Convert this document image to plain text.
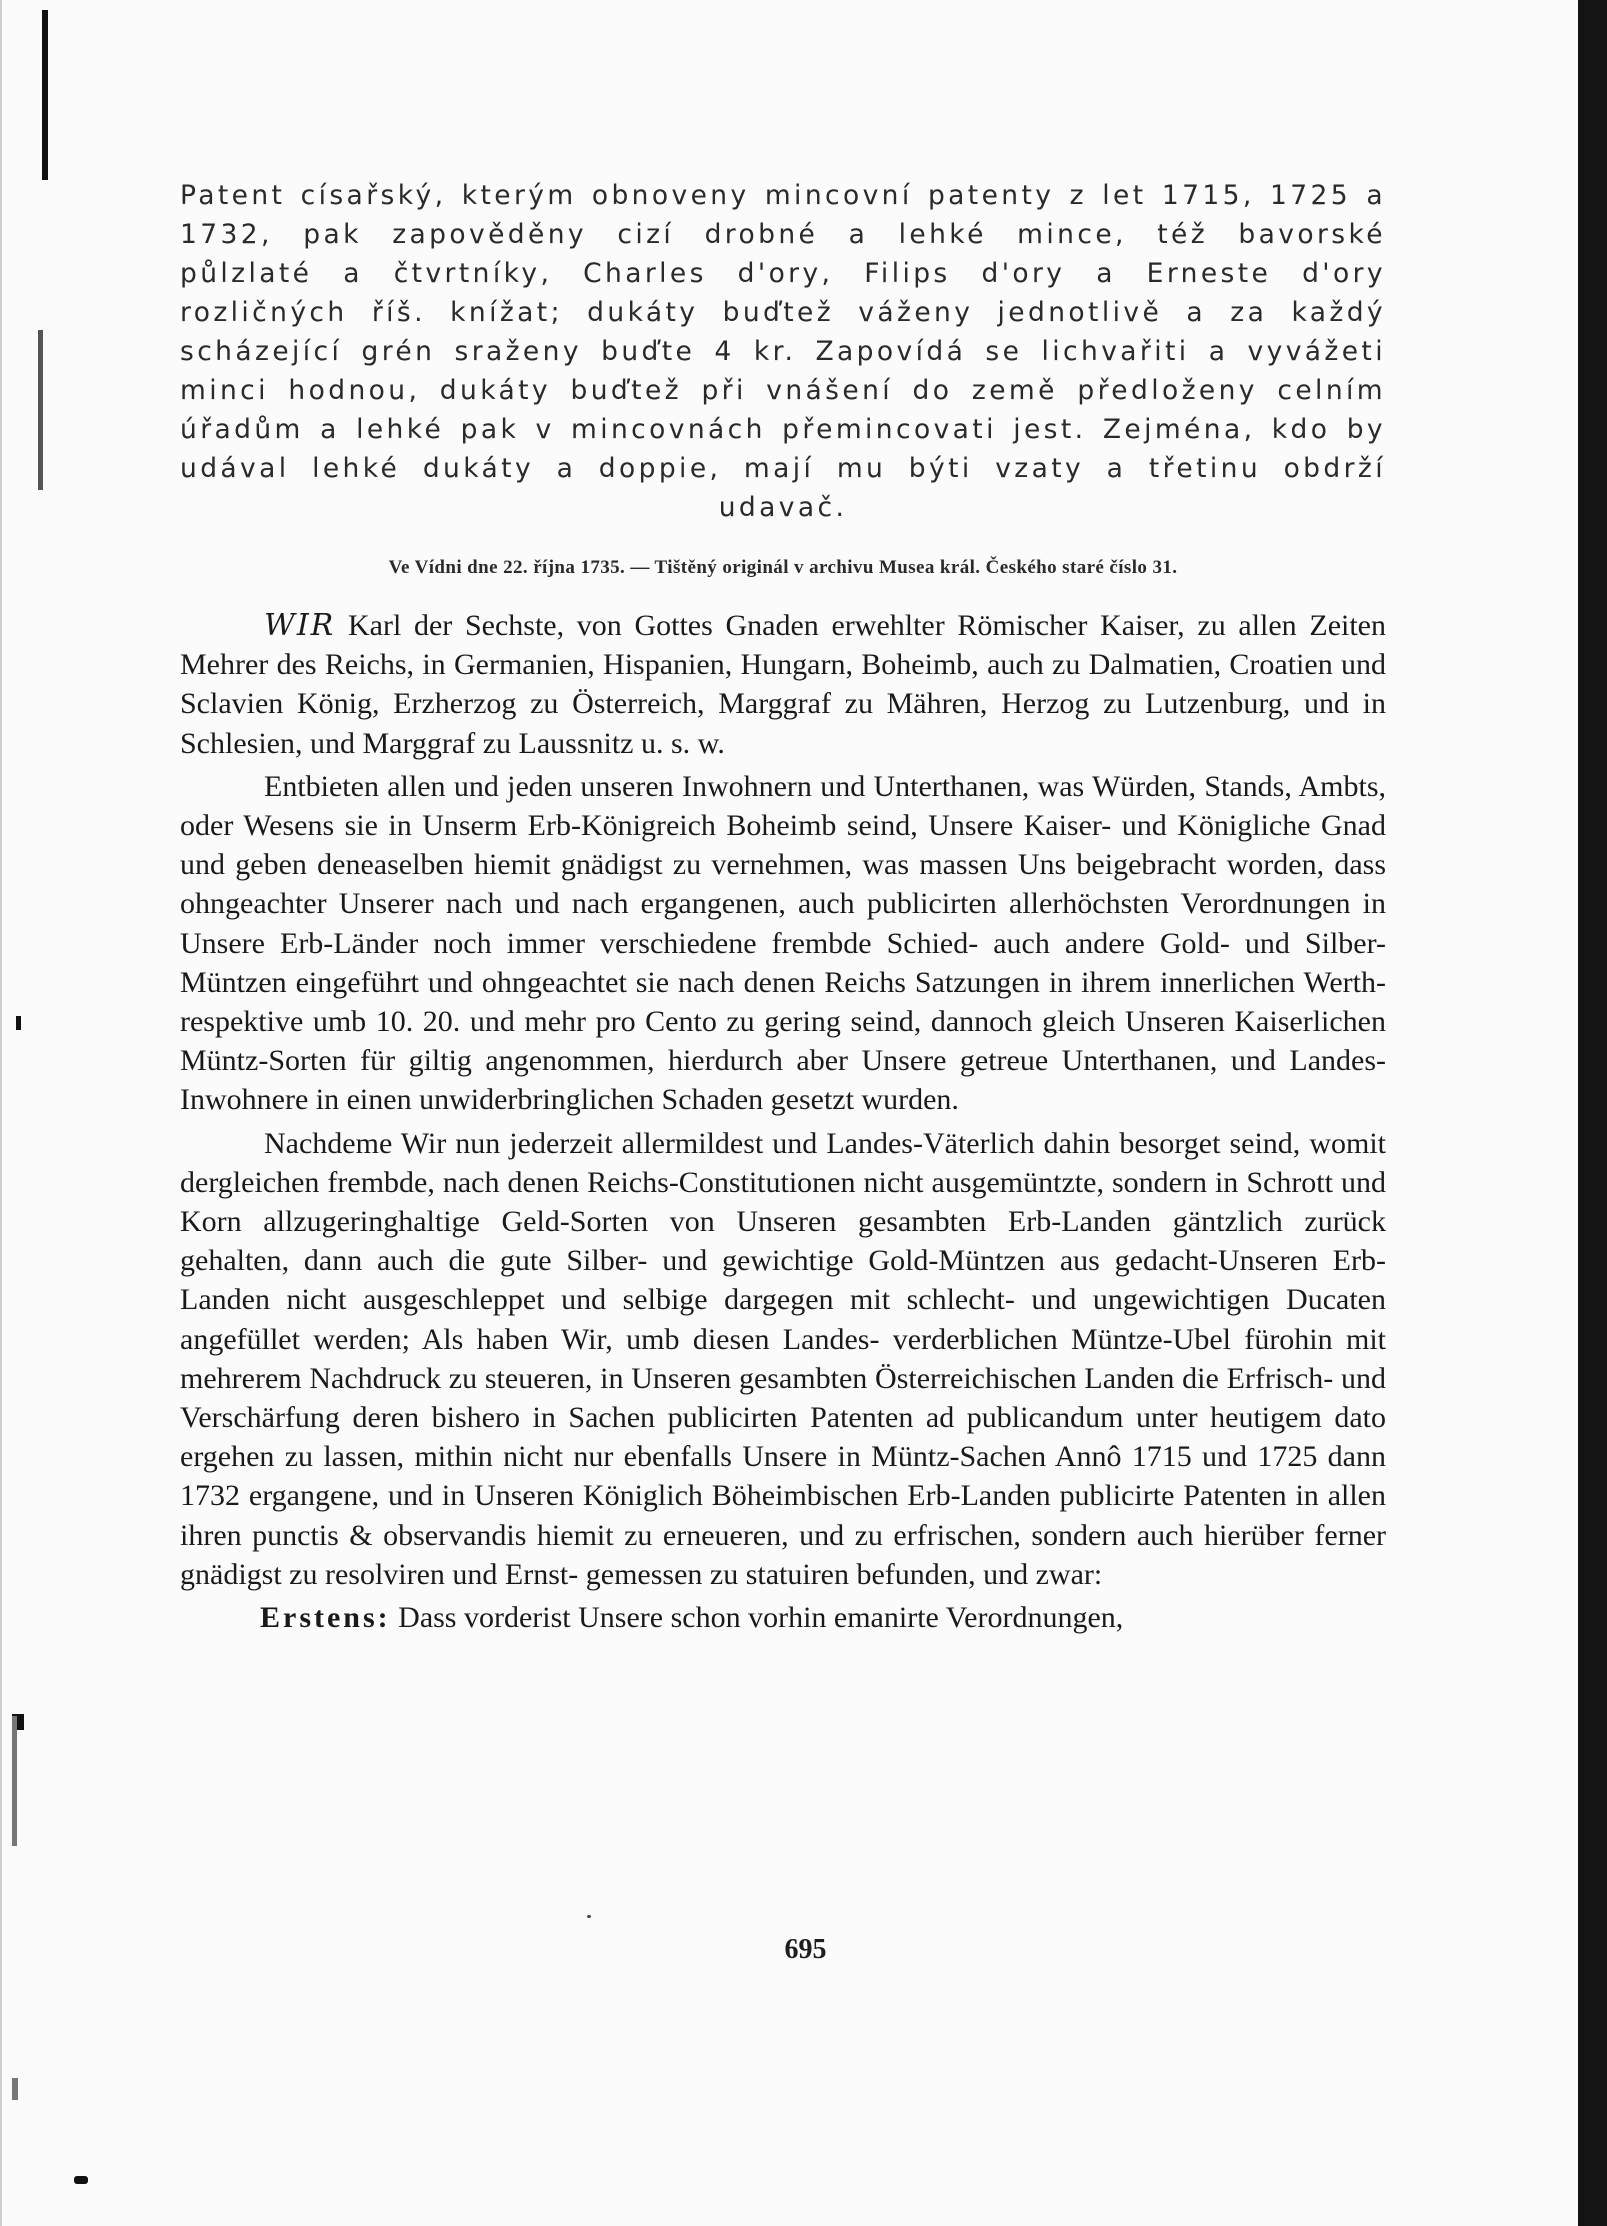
Patent císařský, kterým obnoveny mincovní patenty z let 1715, 1725 a 1732, pak zapověděny cizí drobné a lehké mince, též bavorské půlzlaté a čtvrtníky, Charles d'ory, Filips d'ory a Erneste d'ory rozličných říš. knížat; dukáty buďtež váženy jednotlivě a za každý scházející grén sraženy buďte 4 kr. Zapovídá se lichvařiti a vyvážeti minci hodnou, dukáty buďtež při vnášení do země předloženy celním úřadům a lehké pak v mincovnách přemincovati jest. Zejména, kdo by udával lehké dukáty a doppie, mají mu býti vzaty a třetinu obdrží udavač.
Ve Vídni dne 22. října 1735. — Tištěný originál v archivu Musea král. Českého staré číslo 31.

WIR Karl der Sechste, von Gottes Gnaden erwehlter Römischer Kaiser, zu allen Zeiten Mehrer des Reichs, in Germanien, Hispanien, Hungarn, Boheimb, auch zu Dalmatien, Croatien und Sclavien König, Erzherzog zu Österreich, Marggraf zu Mähren, Herzog zu Lutzenburg, und in Schlesien, und Marggraf zu Laussnitz u. s. w.

Entbieten allen und jeden unseren Inwohnern und Unterthanen, was Würden, Stands, Ambts, oder Wesens sie in Unserm Erb-Königreich Boheimb seind, Unsere Kaiser- und Königliche Gnad und geben deneaselben hiemit gnädigst zu vernehmen, was massen Uns beigebracht worden, dass ohngeachter Unserer nach und nach ergangenen, auch publicirten allerhöchsten Verordnungen in Unsere Erb-Länder noch immer verschiedene frembde Schied- auch andere Gold- und Silber-Müntzen eingeführt und ohngeachtet sie nach denen Reichs Satzungen in ihrem innerlichen Werth- respektive umb 10. 20. und mehr pro Cento zu gering seind, dannoch gleich Unseren Kaiserlichen Müntz-Sorten für giltig angenommen, hierdurch aber Unsere getreue Unterthanen, und Landes-Inwohnere in einen unwiderbringlichen Schaden gesetzt wurden.

Nachdeme Wir nun jederzeit allermildest und Landes-Väterlich dahin besorget seind, womit dergleichen frembde, nach denen Reichs-Constitutionen nicht ausgemüntzte, sondern in Schrott und Korn allzugeringhaltige Geld-Sorten von Unseren gesambten Erb-Landen gäntzlich zurück gehalten, dann auch die gute Silber- und gewichtige Gold-Müntzen aus gedacht-Unseren Erb-Landen nicht ausgeschleppet und selbige dargegen mit schlecht- und ungewichtigen Ducaten angefüllet werden; Als haben Wir, umb diesen Landes- verderblichen Müntze-Ubel fürohin mit mehrerem Nachdruck zu steueren, in Unseren gesambten Österreichischen Landen die Erfrisch- und Verschärfung deren bishero in Sachen publicirten Patenten ad publicandum unter heutigem dato ergehen zu lassen, mithin nicht nur ebenfalls Unsere in Müntz-Sachen Annô 1715 und 1725 dann 1732 ergangene, und in Unseren Königlich Böheimbischen Erb-Landen publicirte Patenten in allen ihren punctis & observandis hiemit zu erneueren, und zu erfrischen, sondern auch hierüber ferner gnädigst zu resolviren und Ernst- gemessen zu statuiren befunden, und zwar:

Erstens: Dass vorderist Unsere schon vorhin emanirte Verordnungen,

695
